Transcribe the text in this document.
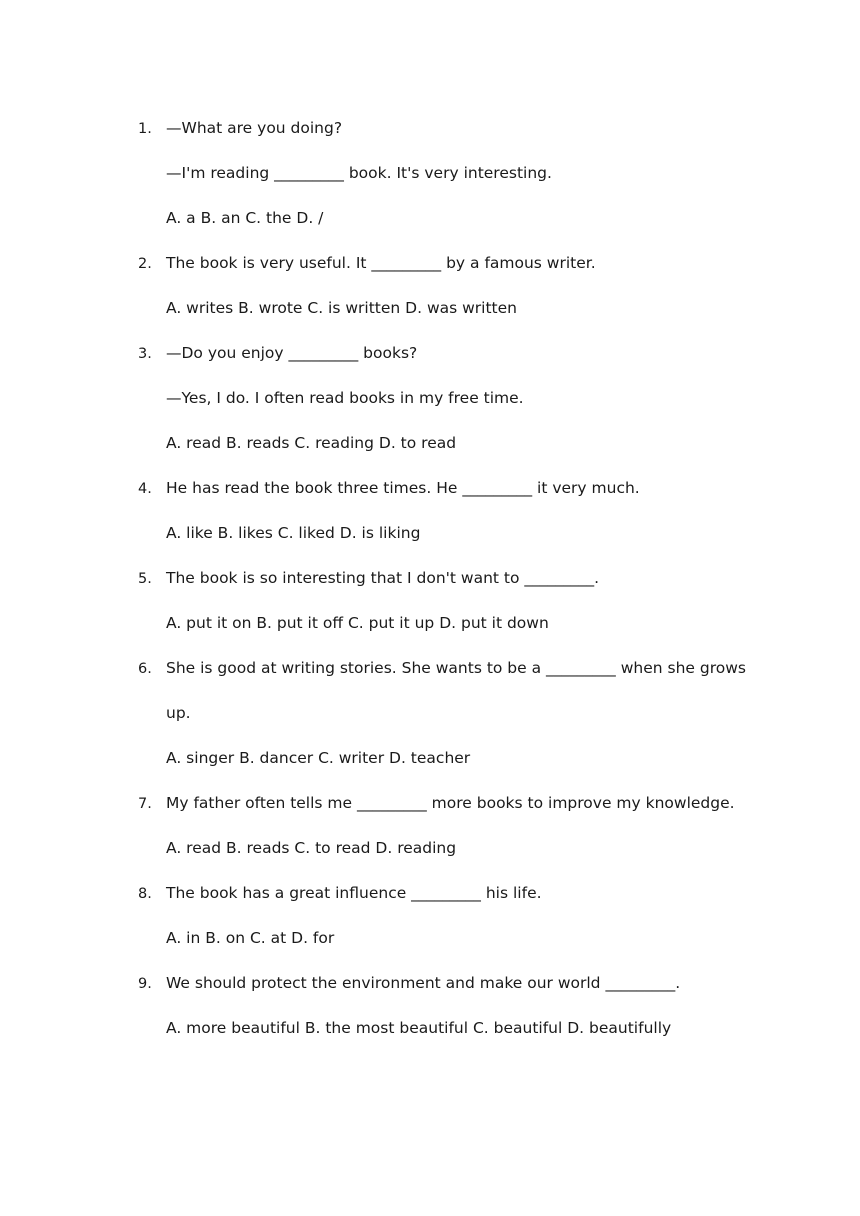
1. —What are you doing?
—I'm reading _________ book. It's very interesting.
A. a B. an C. the D. /
2. The book is very useful. It _________ by a famous writer.
A. writes B. wrote C. is written D. was written
3. —Do you enjoy _________ books?
—Yes, I do. I often read books in my free time.
A. read B. reads C. reading D. to read
4. He has read the book three times. He _________ it very much.
A. like B. likes C. liked D. is liking
5. The book is so interesting that I don't want to _________.
A. put it on B. put it off C. put it up D. put it down
6. She is good at writing stories. She wants to be a _________ when she grows
up.
A. singer B. dancer C. writer D. teacher
7. My father often tells me _________ more books to improve my knowledge.
A. read B. reads C. to read D. reading
8. The book has a great influence _________ his life.
A. in B. on C. at D. for
9. We should protect the environment and make our world _________.
A. more beautiful B. the most beautiful C. beautiful D. beautifully
